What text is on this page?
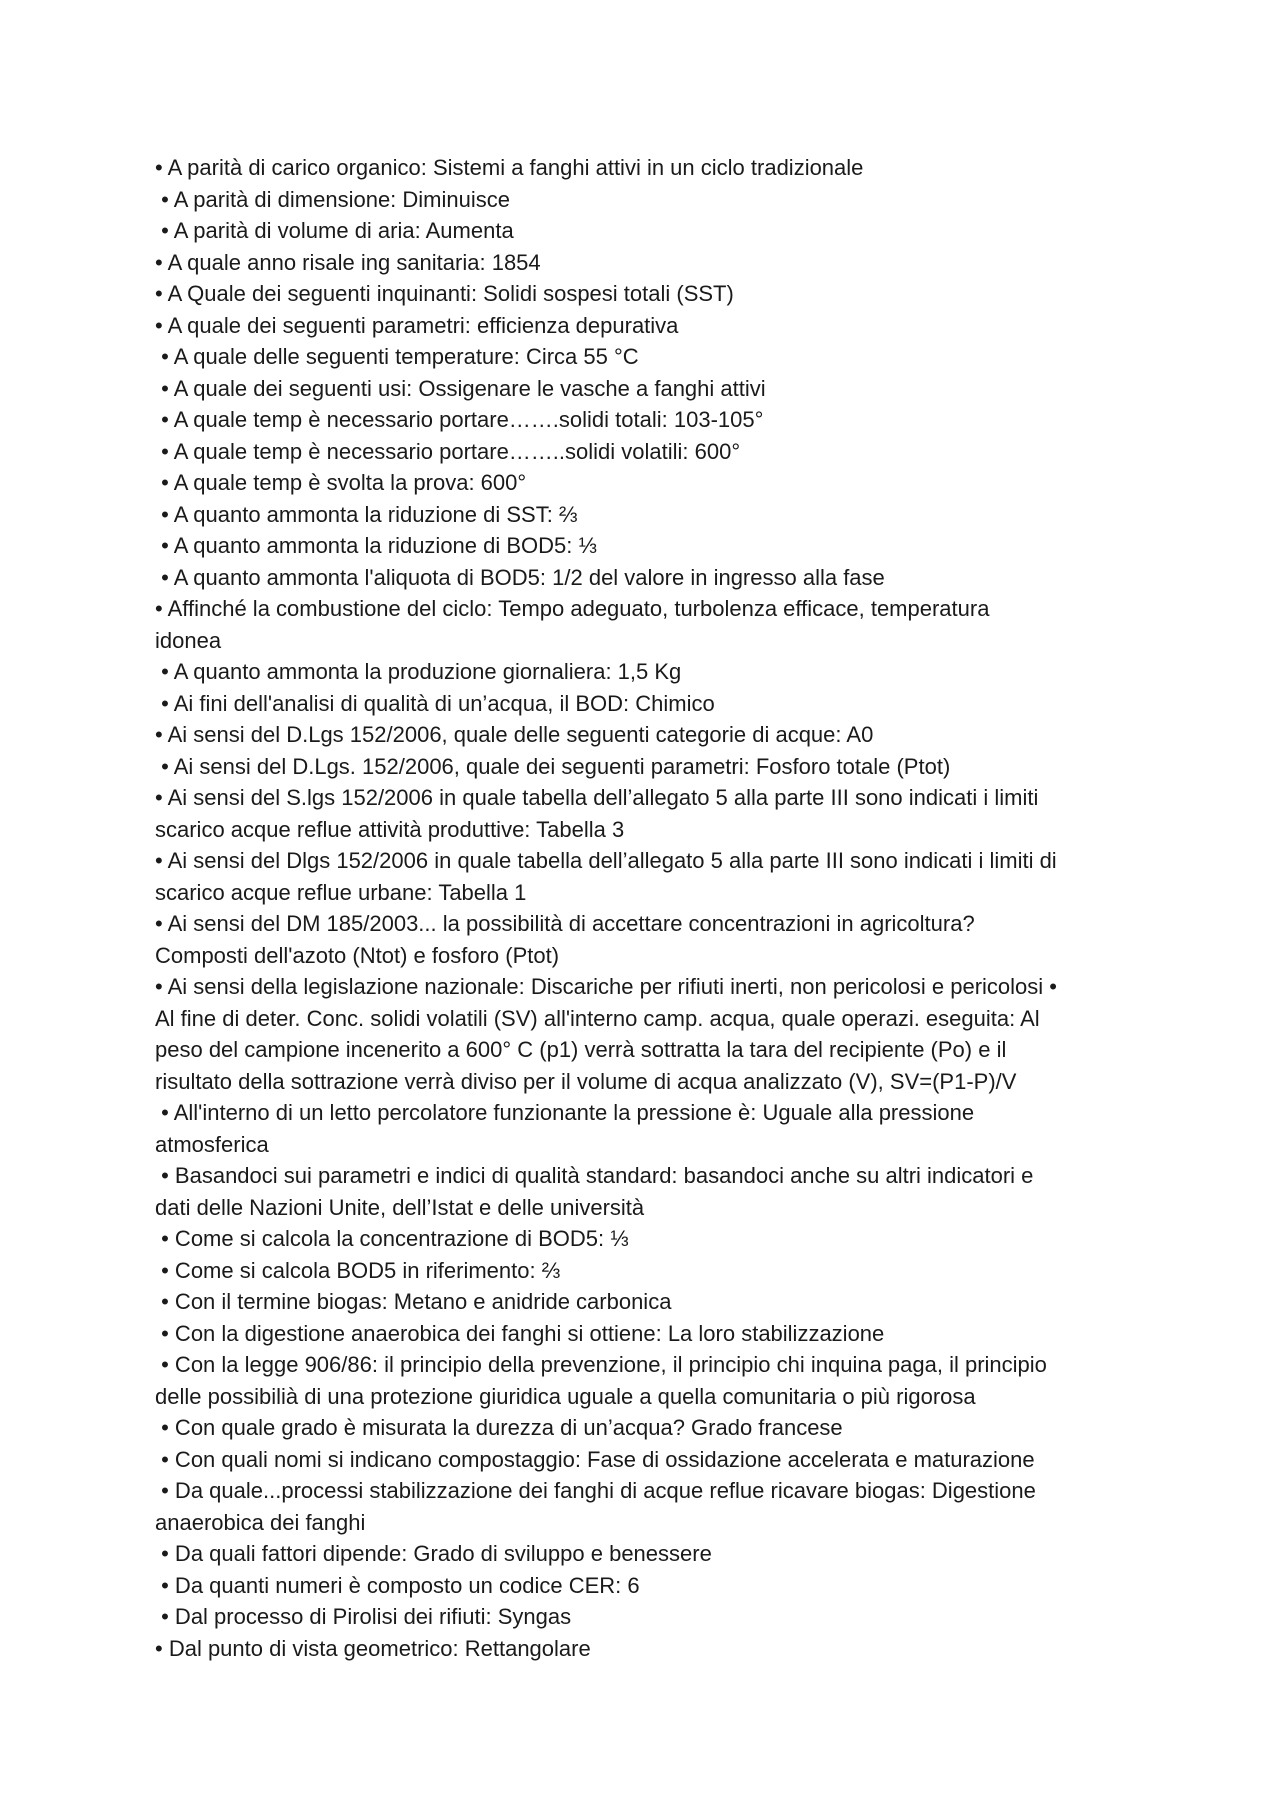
• A parità di carico organico: Sistemi a fanghi attivi in un ciclo tradizionale

• A parità di dimensione: Diminuisce

• A parità di volume di aria: Aumenta

• A quale anno risale ing sanitaria: 1854

• A Quale dei seguenti inquinanti: Solidi sospesi totali (SST)

• A quale dei seguenti parametri: efficienza depurativa

• A quale delle seguenti temperature: Circa 55 °C

• A quale dei seguenti usi: Ossigenare le vasche a fanghi attivi

• A quale temp è necessario portare…….solidi totali: 103-105°

• A quale temp è necessario portare……..solidi volatili: 600°

• A quale temp è svolta la prova: 600°

• A quanto ammonta la riduzione di SST: ⅔

• A quanto ammonta la riduzione di BOD5: ⅓

• A quanto ammonta l'aliquota di BOD5: 1/2 del valore in ingresso alla fase

• Affinché la combustione del ciclo: Tempo adeguato, turbolenza efficace, temperatura

idonea

• A quanto ammonta la produzione giornaliera: 1,5 Kg

• Ai fini dell'analisi di qualità di un’acqua, il BOD: Chimico

• Ai sensi del D.Lgs 152/2006, quale delle seguenti categorie di acque: A0

• Ai sensi del D.Lgs. 152/2006, quale dei seguenti parametri: Fosforo totale (Ptot)

• Ai sensi del S.lgs 152/2006 in quale tabella dell’allegato 5 alla parte III sono indicati i limiti

scarico acque reflue attività produttive: Tabella 3

• Ai sensi del Dlgs 152/2006 in quale tabella dell’allegato 5 alla parte III sono indicati i limiti di

scarico acque reflue urbane: Tabella 1

• Ai sensi del DM 185/2003... la possibilità di accettare concentrazioni in agricoltura?

Composti dell'azoto (Ntot) e fosforo (Ptot)

• Ai sensi della legislazione nazionale: Discariche per rifiuti inerti, non pericolosi e pericolosi •

Al fine di deter. Conc. solidi volatili (SV) all'interno camp. acqua, quale operazi. eseguita: Al

peso del campione incenerito a 600° C (p1) verrà sottratta la tara del recipiente (Po) e il

risultato della sottrazione verrà diviso per il volume di acqua analizzato (V), SV=(P1-P)/V

• All'interno di un letto percolatore funzionante la pressione è: Uguale alla pressione

atmosferica

• Basandoci sui parametri e indici di qualità standard: basandoci anche su altri indicatori e

dati delle Nazioni Unite, dell’Istat e delle università

• Come si calcola la concentrazione di BOD5: ⅓

• Come si calcola BOD5 in riferimento: ⅔

• Con il termine biogas: Metano e anidride carbonica

• Con la digestione anaerobica dei fanghi si ottiene: La loro stabilizzazione

• Con la legge 906/86: il principio della prevenzione, il principio chi inquina paga, il principio

delle possibilià di una protezione giuridica uguale a quella comunitaria o più rigorosa

• Con quale grado è misurata la durezza di un’acqua? Grado francese

• Con quali nomi si indicano compostaggio: Fase di ossidazione accelerata e maturazione

• Da quale...processi stabilizzazione dei fanghi di acque reflue ricavare biogas: Digestione

anaerobica dei fanghi

• Da quali fattori dipende: Grado di sviluppo e benessere

• Da quanti numeri è composto un codice CER: 6

• Dal processo di Pirolisi dei rifiuti: Syngas

• Dal punto di vista geometrico: Rettangolare
